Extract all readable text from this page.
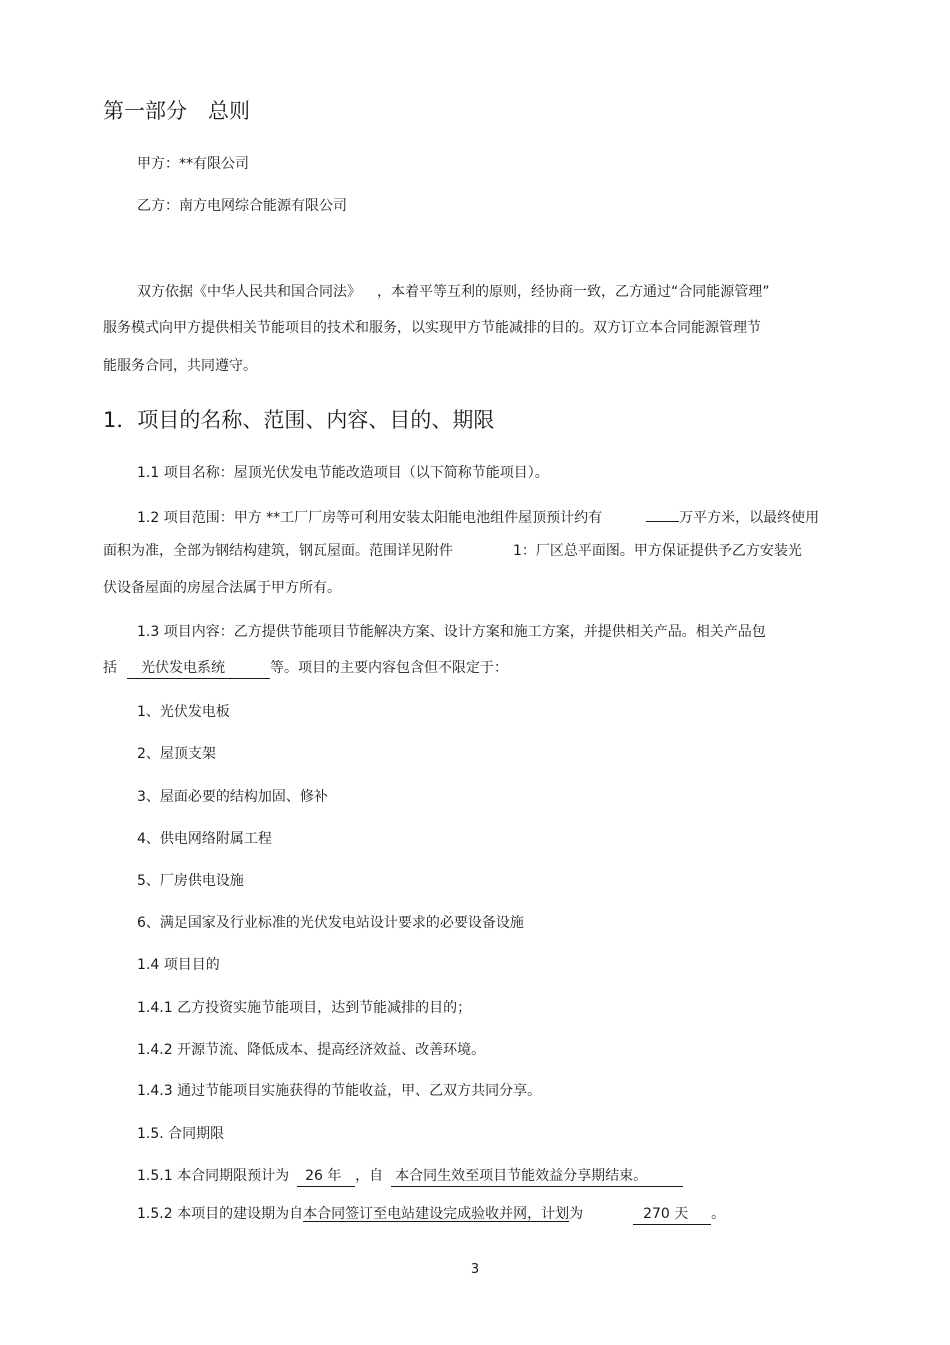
第一部分　总则
甲方：**有限公司
乙方：南方电网综合能源有限公司
双方依据《中华人民共和国合同法》 ，本着平等互利的原则，经协商一致，乙方通过“合同能源管理”
服务模式向甲方提供相关节能项目的技术和服务，以实现甲方节能减排的目的。双方订立本合同能源管理节
能服务合同，共同遵守。
1．项目的名称、范围、内容、目的、期限
1.1 项目名称：屋顶光伏发电节能改造项目（以下简称节能项目）。
1.2 项目范围：甲方 **工厂厂房等可利用安装太阳能电池组件屋顶预计约有	万平方米，以最终使用
面积为准，全部为钢结构建筑，钢瓦屋面。范围详见附件	1：厂区总平面图。甲方保证提供予乙方安装光
伏设备屋面的房屋合法属于甲方所有。
1.3 项目内容：乙方提供节能项目节能解决方案、设计方案和施工方案，并提供相关产品。相关产品包
括 光伏发电系统	等。项目的主要内容包含但不限定于：
1、光伏发电板
2、屋顶支架
3、屋面必要的结构加固、修补
4、供电网络附属工程
5、厂房供电设施
6、满足国家及行业标准的光伏发电站设计要求的必要设备设施
1.4 项目目的
1.4.1 乙方投资实施节能项目，达到节能减排的目的；
1.4.2 开源节流、降低成本、提高经济效益、改善环境。
1.4.3 通过节能项目实施获得的节能收益，甲、乙双方共同分享。
1.5. 合同期限
1.5.1 本合同期限预计为 26 年 ，自 本合同生效至项目节能效益分享期结束。
1.5.2 本项目的建设期为自本合同签订至电站建设完成验收并网，计划为	270 天 。
3
